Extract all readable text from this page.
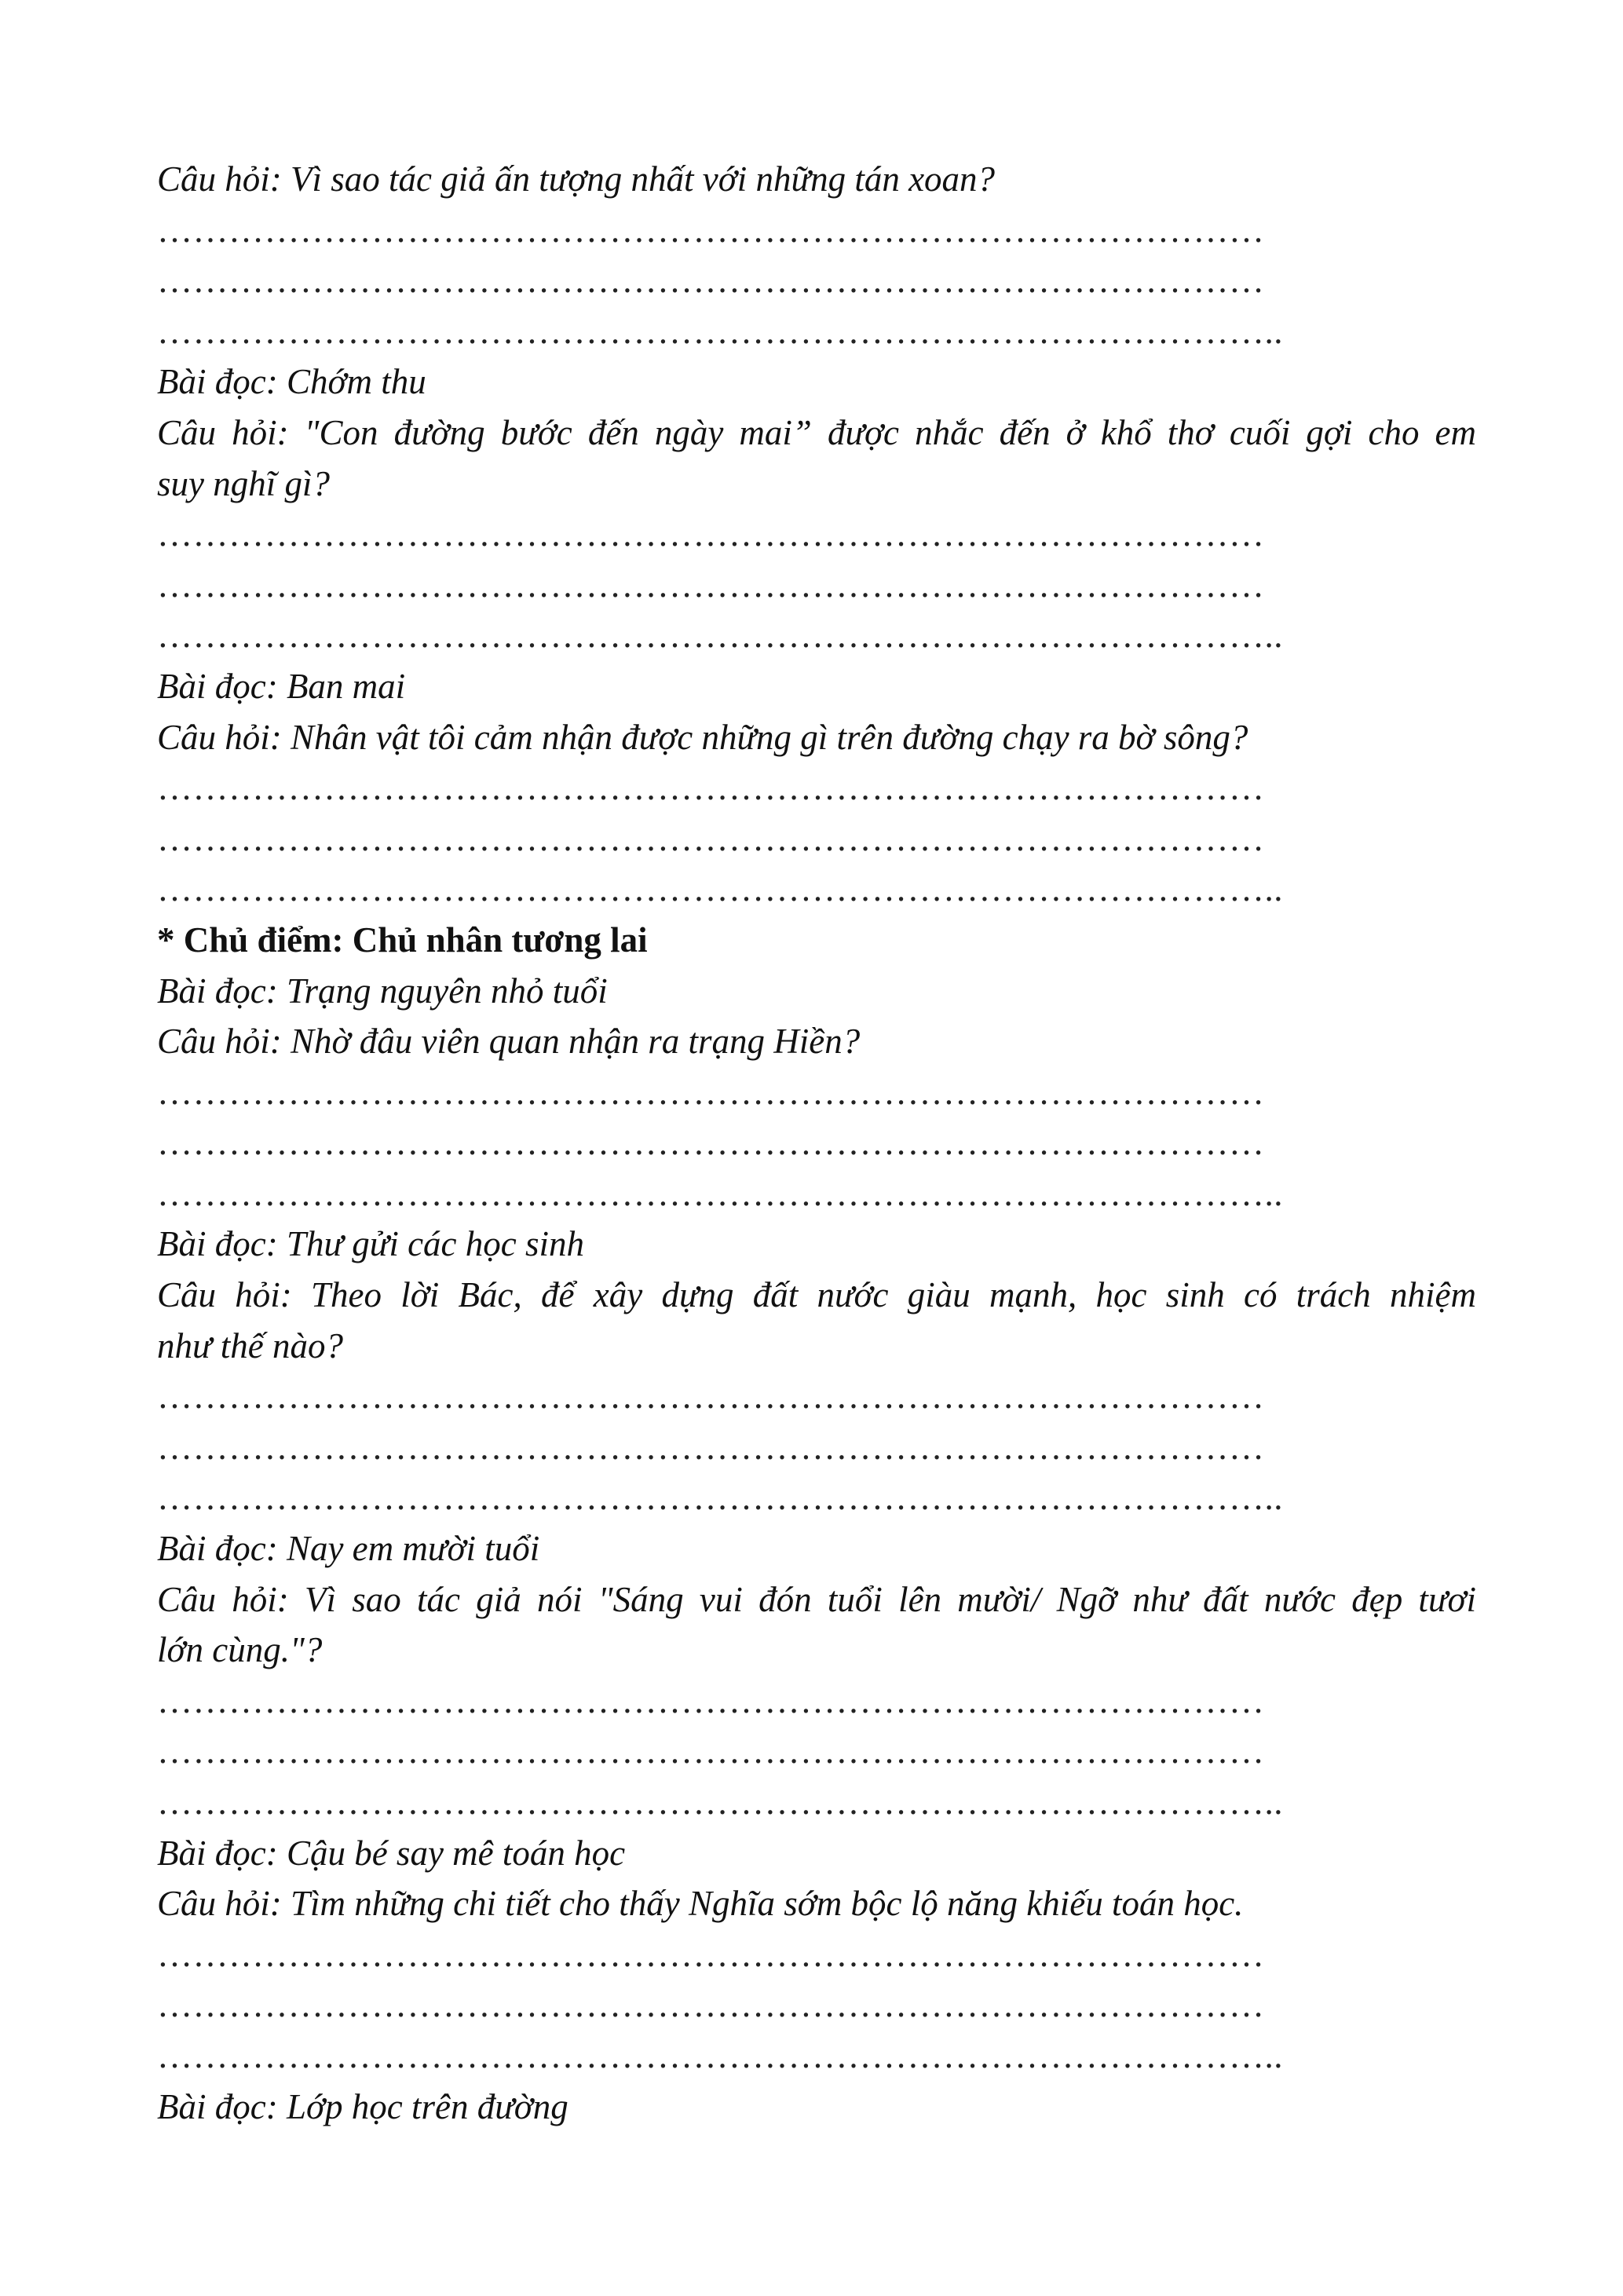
Câu hỏi: Vì sao tác giả ấn tượng nhất với những tán xoan?
…………………………………………………………………………………
…………………………………………………………………………………
…………………………………………………………………………………..
Bài đọc: Chớm thu
Câu hỏi: "Con đường bước đến ngày mai” được nhắc đến ở khổ thơ cuối gợi cho em
suy nghĩ gì?
…………………………………………………………………………………
…………………………………………………………………………………
…………………………………………………………………………………..
Bài đọc: Ban mai
Câu hỏi: Nhân vật tôi cảm nhận được những gì trên đường chạy ra bờ sông?
…………………………………………………………………………………
…………………………………………………………………………………
…………………………………………………………………………………..
* Chủ điểm: Chủ nhân tương lai
Bài đọc: Trạng nguyên nhỏ tuổi
Câu hỏi: Nhờ đâu viên quan nhận ra trạng Hiền?
…………………………………………………………………………………
…………………………………………………………………………………
…………………………………………………………………………………..
Bài đọc: Thư gửi các học sinh
Câu hỏi: Theo lời Bác, để xây dựng đất nước giàu mạnh, học sinh có trách nhiệm
như thế nào?
…………………………………………………………………………………
…………………………………………………………………………………
…………………………………………………………………………………..
Bài đọc: Nay em mười tuổi
Câu hỏi: Vì sao tác giả nói "Sáng vui đón tuổi lên mười/ Ngỡ như đất nước đẹp tươi
lớn cùng."?
…………………………………………………………………………………
…………………………………………………………………………………
…………………………………………………………………………………..
Bài đọc: Cậu bé say mê toán học
Câu hỏi: Tìm những chi tiết cho thấy Nghĩa sớm bộc lộ năng khiếu toán học.
…………………………………………………………………………………
…………………………………………………………………………………
…………………………………………………………………………………..
Bài đọc: Lớp học trên đường
